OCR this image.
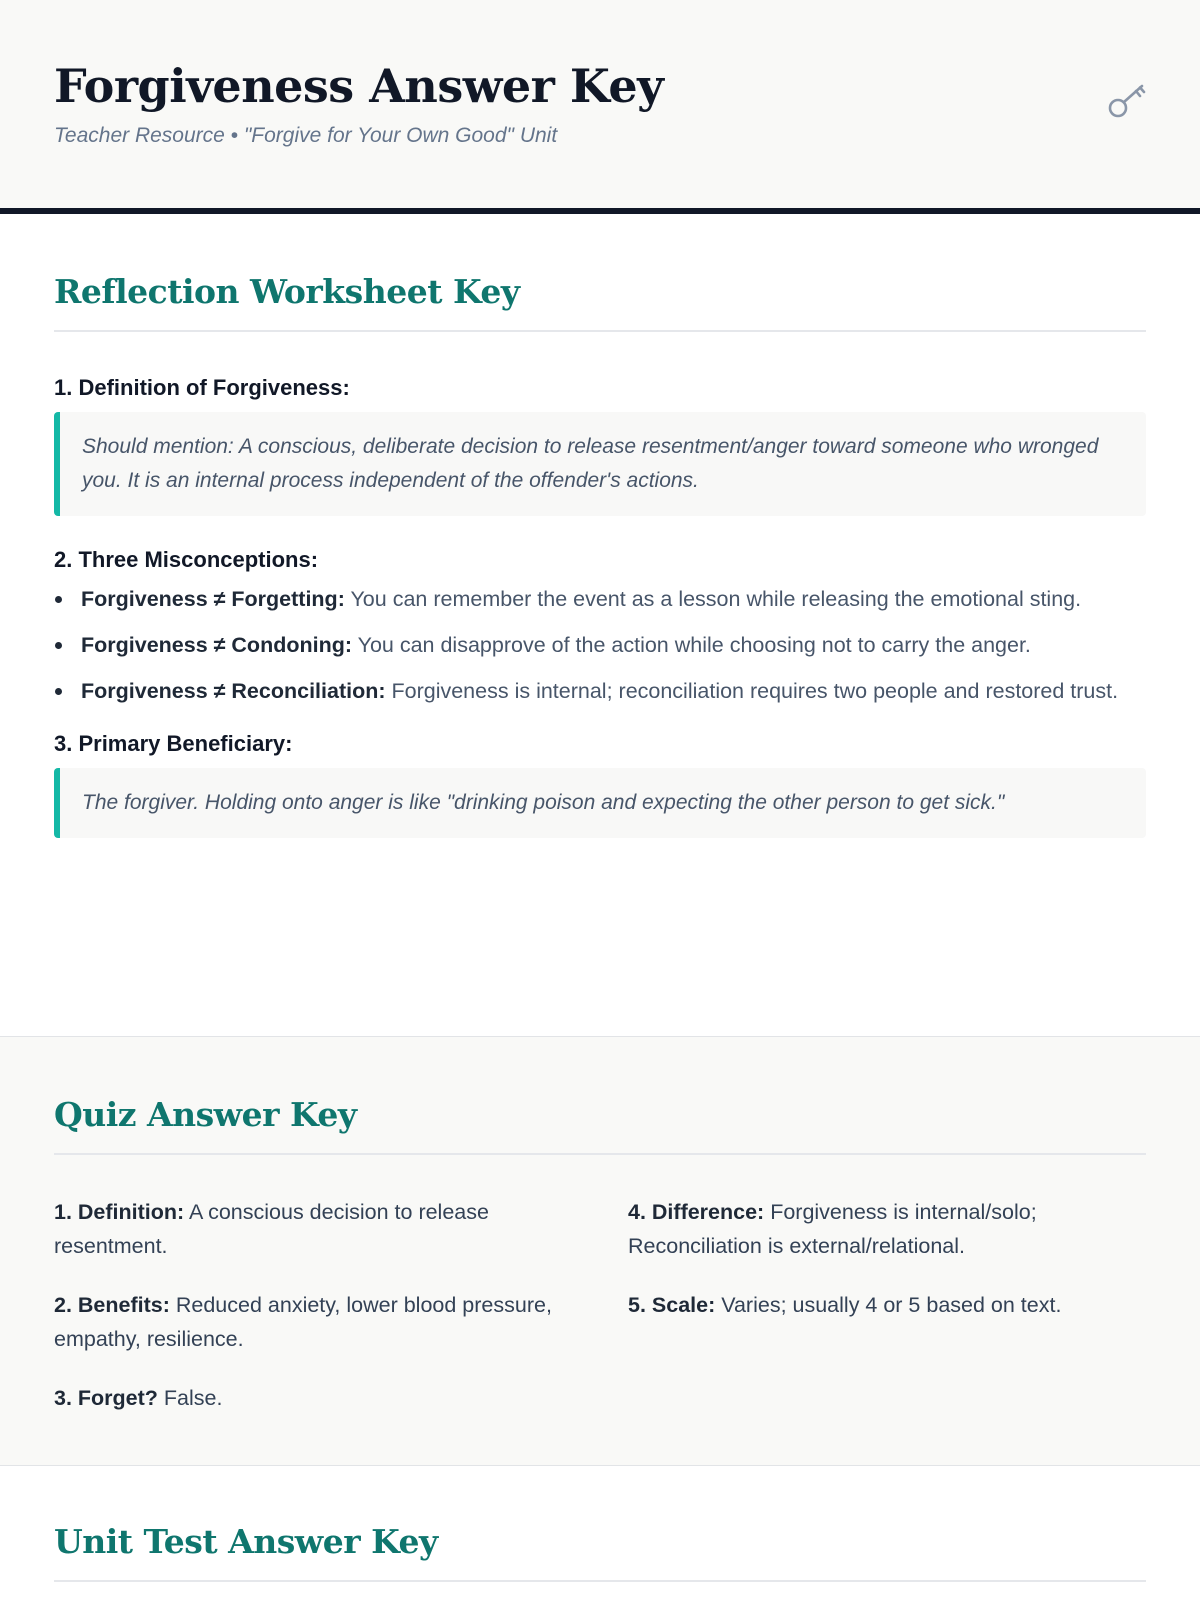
Forgiveness Answer Key
Teacher Resource • "Forgive for Your Own Good" Unit
Reflection Worksheet Key
1. Definition of Forgiveness:
Should mention: A conscious, deliberate decision to release resentment/anger toward someone who wronged you. It is an internal process independent of the offender's actions.
2. Three Misconceptions:
Forgiveness ≠ Forgetting: You can remember the event as a lesson while releasing the emotional sting.
Forgiveness ≠ Condoning: You can disapprove of the action while choosing not to carry the anger.
Forgiveness ≠ Reconciliation: Forgiveness is internal; reconciliation requires two people and restored trust.
3. Primary Beneficiary:
The forgiver. Holding onto anger is like "drinking poison and expecting the other person to get sick."
Quiz Answer Key
1. Definition: A conscious decision to release resentment.
2. Benefits: Reduced anxiety, lower blood pressure, empathy, resilience.
3. Forget? False.
4. Difference: Forgiveness is internal/solo; Reconciliation is external/relational.
5. Scale: Varies; usually 4 or 5 based on text.
Unit Test Answer Key
